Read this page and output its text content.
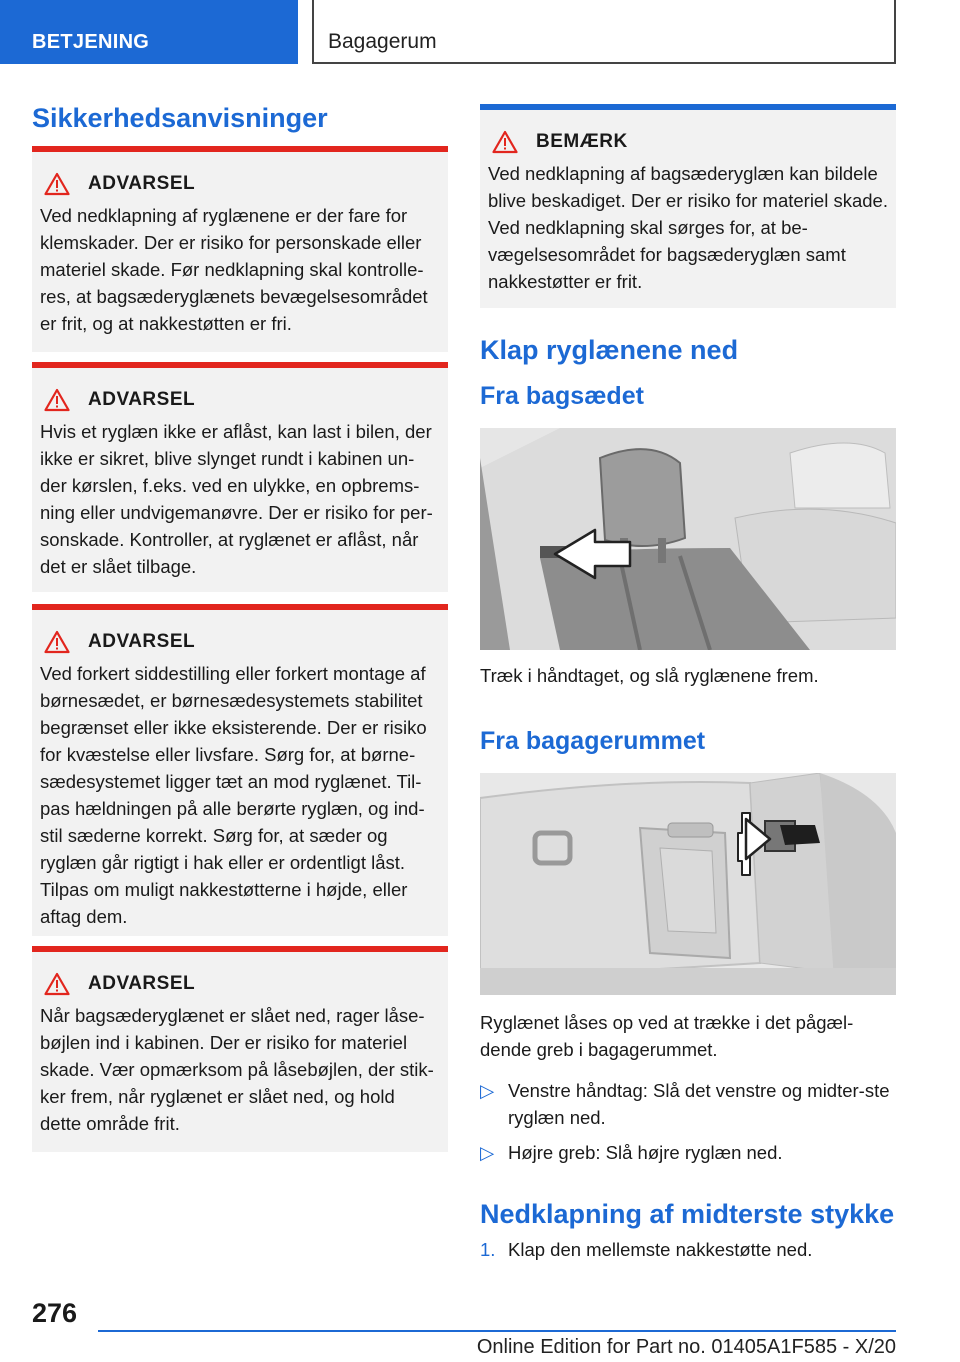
BETJENING	Bagagerum
Sikkerhedsanvisninger
ADVARSEL
Ved nedklapning af ryglænene er der fare for klemskader. Der er risiko for personskade eller materiel skade. Før nedklapning skal kontrolle-res, at bagsæderyglænets bevægelsesområdet er frit, og at nakkestøtten er fri.
ADVARSEL
Hvis et ryglæn ikke er aflåst, kan last i bilen, der ikke er sikret, blive slynget rundt i kabinen un-der kørslen, f.eks. ved en ulykke, en opbrems-ning eller undvigemanøvre. Der er risiko for per-sonskade. Kontroller, at ryglænet er aflåst, når det er slået tilbage.
ADVARSEL
Ved forkert siddestilling eller forkert montage af børnesædet, er børnesædesystemets stabilitet begrænset eller ikke eksisterende. Der er risiko for kvæstelse eller livsfare. Sørg for, at børne-sædesystemet ligger tæt an mod ryglænet. Til-pas hældningen på alle berørte ryglæn, og ind-stil sæderne korrekt. Sørg for, at sæder og ryglæn går rigtigt i hak eller er ordentligt låst. Tilpas om muligt nakkestøtterne i højde, eller aftag dem.
ADVARSEL
Når bagsæderyglænet er slået ned, rager låse-bøjlen ind i kabinen. Der er risiko for materiel skade. Vær opmærksom på låsebøjlen, der stik-ker frem, når ryglænet er slået ned, og hold dette område frit.
BEMÆRK
Ved nedklapning af bagsæderyglæn kan bildele blive beskadiget. Der er risiko for materiel skade. Ved nedklapning skal sørges for, at be-vægelsesområdet for bagsæderyglæn samt nakkestøtter er frit.
Klap ryglænene ned
Fra bagsædet

Træk i håndtaget, og slå ryglænene frem.

Fra bagagerummet

Ryglænet låses op ved at trække i det pågæl-dende greb i bagagerummet.

▷ Venstre håndtag: Slå det venstre og midter-ste ryglæn ned.
▷ Højre greb: Slå højre ryglæn ned.
Nedklapning af midterste stykke
1. Klap den mellemste nakkestøtte ned.
276
Online Edition for Part no. 01405A1F585 - X/20
